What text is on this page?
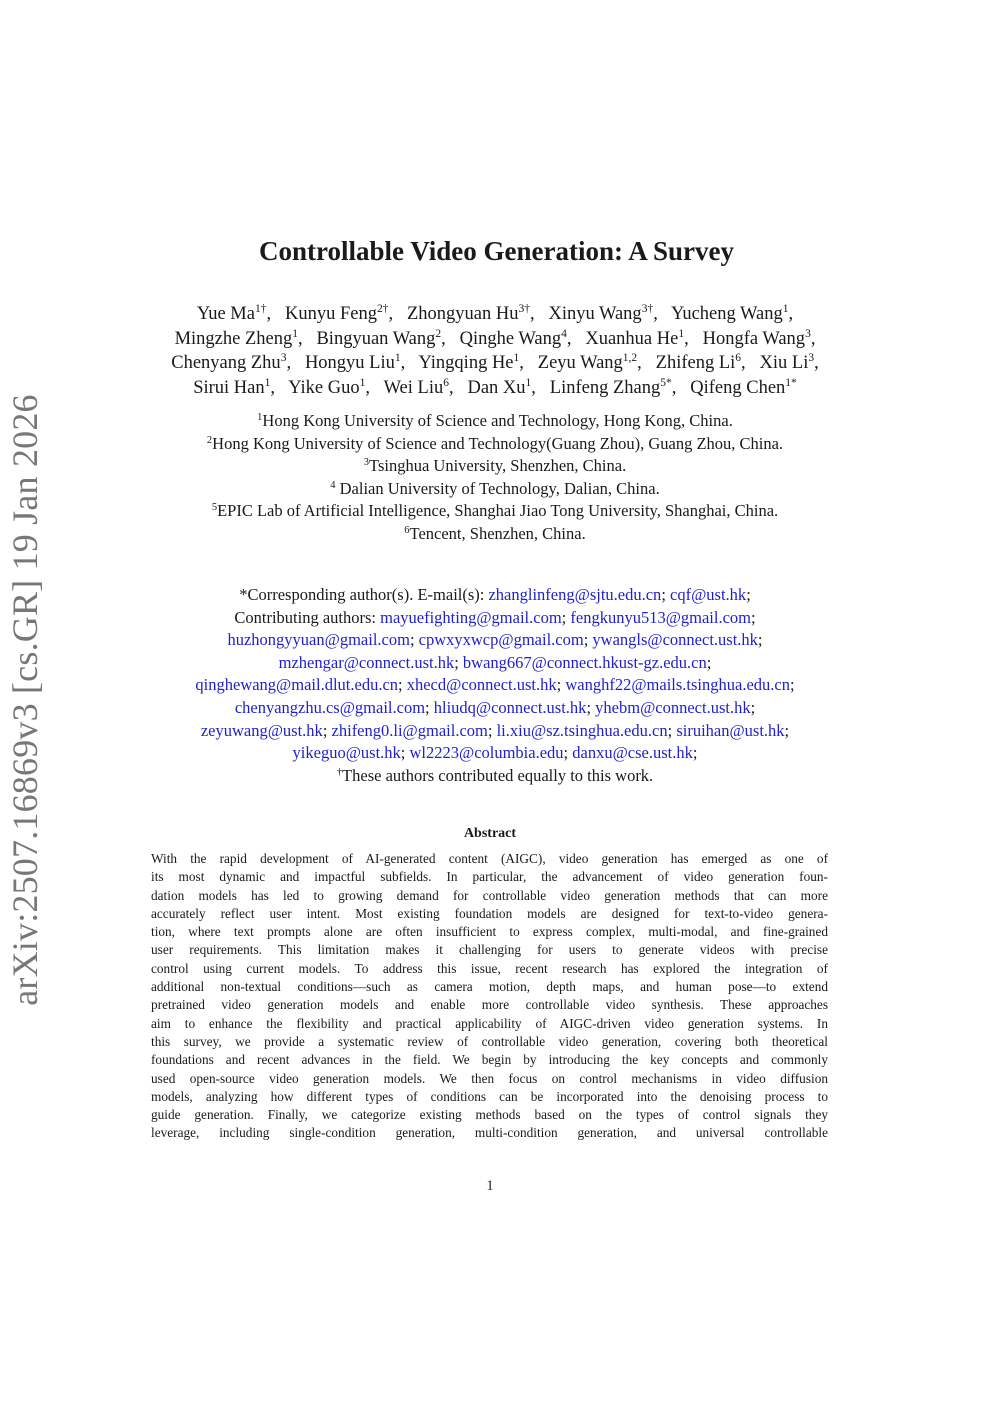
arXiv:2507.16869v3 [cs.GR] 19 Jan 2026
Controllable Video Generation: A Survey
Yue $Ma^{1\dagger}$,  Kunyu Feng$^{2\dagger}$,  Zhongyuan $Hu^{3\dagger}$,  Xinyu Wang$^{3\dagger}$,  Yucheng Wang$^1$,
Mingzhe Zheng$^1$,  Bingyuan Wang$^2$,  Qinghe Wang$^4$,  Xuanhua He$^1$,  Hongfa Wang$^3$,
Chenyang Zhu$^3$,  Hongyu Liu$^1$,  Yingqing He$^1$,  Zeyu Wang$^{1,2}$,  Zhifeng Li$^6$,  Xiu Li$^3$,
Sirui Han$^1$,  Yike Guo$^1$,  Wei Liu$^6$,  Dan Xu$^1$,  Linfeng Zhang$^{5*}$,  Qifeng Chen$^{1*}$
$^1$Hong Kong University of Science and Technology, Hong Kong, China.
$^2$Hong Kong University of Science and Technology(Guang Zhou), Guang Zhou, China.
$^3$Tsinghua University, Shenzhen, China.
$^4$ Dalian University of Technology, Dalian, China.
$^5$EPIC Lab of Artificial Intelligence, Shanghai Jiao Tong University, Shanghai, China.
$^6$Tencent, Shenzhen, China.
*Corresponding author(s). E-mail(s): zhanglinfeng@sjtu.edu.cn; cqf@ust.hk;
Contributing authors: mayuefighting@gmail.com; fengkunyu513@gmail.com;
huzhongyyuan@gmail.com; cpwxyxwcp@gmail.com; ywangls@connect.ust.hk;
mzhengar@connect.ust.hk; bwang667@connect.hkust-gz.edu.cn;
qinghewang@mail.dlut.edu.cn; xhecd@connect.ust.hk; wanghf22@mails.tsinghua.edu.cn;
chenyangzhu.cs@gmail.com; hliudq@connect.ust.hk; yhebm@connect.ust.hk;
zeyuwang@ust.hk; zhifeng0.li@gmail.com; li.xiu@sz.tsinghua.edu.cn; siruihan@ust.hk;
yikeguo@ust.hk; wl2223@columbia.edu; danxu@cse.ust.hk;
†These authors contributed equally to this work.
Abstract
With the rapid development of AI-generated content (AIGC), video generation has emerged as one of
its most dynamic and impactful subfields. In particular, the advancement of video generation foun-
dation models has led to growing demand for controllable video generation methods that can more
accurately reflect user intent. Most existing foundation models are designed for text-to-video genera-
tion, where text prompts alone are often insufficient to express complex, multi-modal, and fine-grained
user requirements. This limitation makes it challenging for users to generate videos with precise
control using current models. To address this issue, recent research has explored the integration of
additional non-textual conditions—such as camera motion, depth maps, and human pose—to extend
pretrained video generation models and enable more controllable video synthesis. These approaches
aim to enhance the flexibility and practical applicability of AIGC-driven video generation systems. In
this survey, we provide a systematic review of controllable video generation, covering both theoretical
foundations and recent advances in the field. We begin by introducing the key concepts and commonly
used open-source video generation models. We then focus on control mechanisms in video diffusion
models, analyzing how different types of conditions can be incorporated into the denoising process to
guide generation. Finally, we categorize existing methods based on the types of control signals they
leverage, including single-condition generation, multi-condition generation, and universal controllable
1
